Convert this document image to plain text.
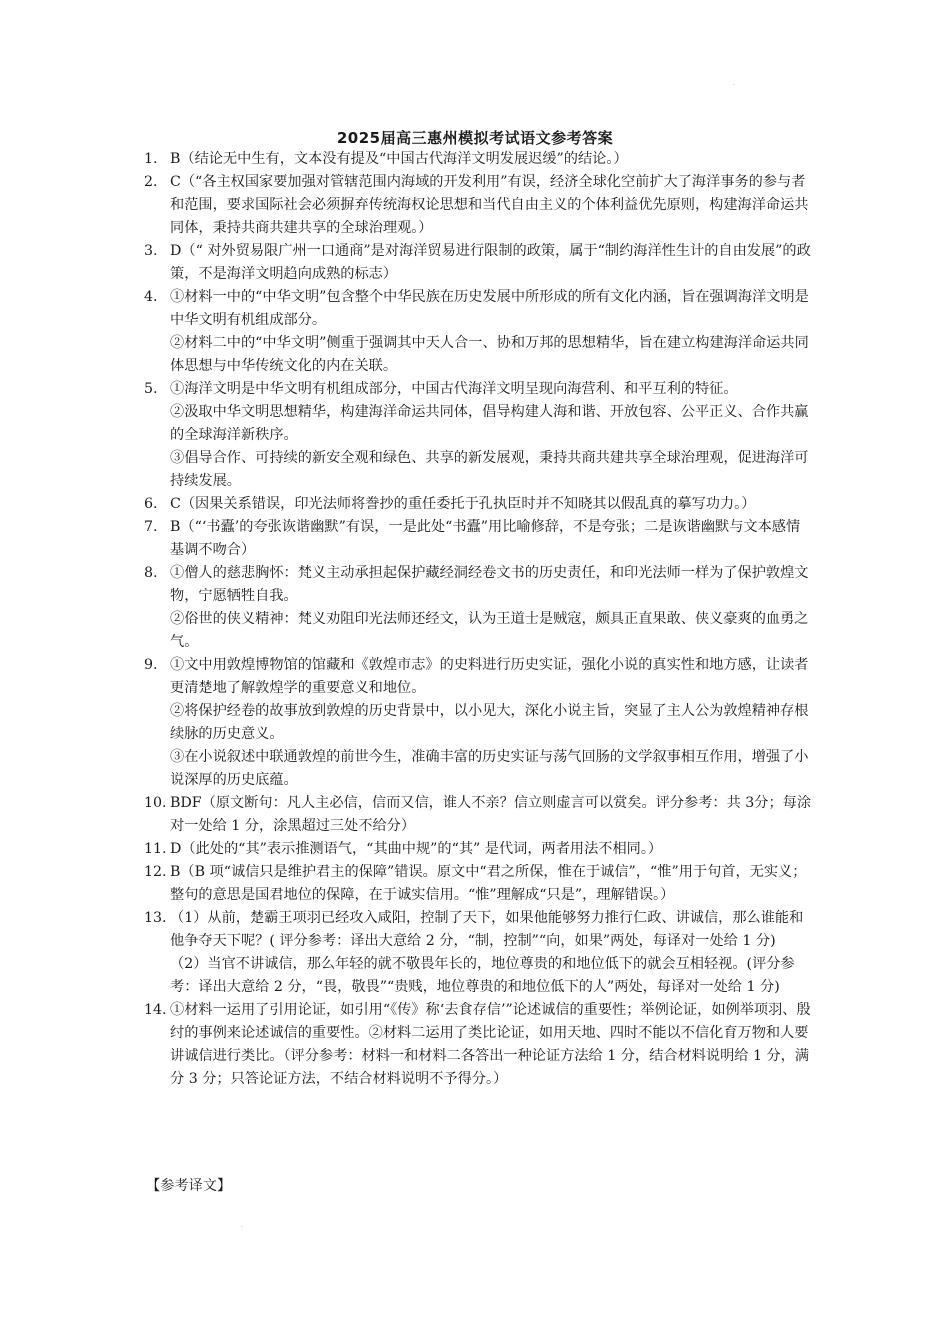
.
2025届高三惠州模拟考试语文参考答案
1. B（结论无中生有，文本没有提及“中国古代海洋文明发展迟缓”的结论。）
2. C（“各主权国家要加强对管辖范围内海域的开发利用”有误，经济全球化空前扩大了海洋事务的参与者和范围，要求国际社会必须摒弃传统海权论思想和当代自由主义的个体利益优先原则，构建海洋命运共同体，秉持共商共建共享的全球治理观。）
3. D（“ 对外贸易限广州一口通商”是对海洋贸易进行限制的政策，属于“制约海洋性生计的自由发展”的政策，不是海洋文明趋向成熟的标志）
4. ①材料一中的“中华文明”包含整个中华民族在历史发展中所形成的所有文化内涵，旨在强调海洋文明是中华文明有机组成部分。
②材料二中的“中华文明”侧重于强调其中天人合一、协和万邦的思想精华，旨在建立构建海洋命运共同体思想与中华传统文化的内在关联。
5. ①海洋文明是中华文明有机组成部分，中国古代海洋文明呈现向海营利、和平互利的特征。
②汲取中华文明思想精华，构建海洋命运共同体，倡导构建人海和谐、开放包容、公平正义、合作共赢的全球海洋新秩序。
③倡导合作、可持续的新安全观和绿色、共享的新发展观，秉持共商共建共享全球治理观，促进海洋可持续发展。
6. C（因果关系错误，印光法师将誊抄的重任委托于孔执臣时并不知晓其以假乱真的摹写功力。）
7. B（“‘书蠹’的夸张诙谐幽默”有误，一是此处“书蠹”用比喻修辞，不是夸张；二是诙谐幽默与文本感情基调不吻合）
8. ①僧人的慈悲胸怀：梵义主动承担起保护藏经洞经卷文书的历史责任，和印光法师一样为了保护敦煌文物，宁愿牺牲自我。
②俗世的侠义精神：梵义劝阻印光法师还经文，认为王道士是贼寇，颇具正直果敢、侠义豪爽的血勇之气。
9. ①文中用敦煌博物馆的馆藏和《敦煌市志》的史料进行历史实证，强化小说的真实性和地方感，让读者更清楚地了解敦煌学的重要意义和地位。
②将保护经卷的故事放到敦煌的历史背景中，以小见大，深化小说主旨，突显了主人公为敦煌精神存根续脉的历史意义。
③在小说叙述中联通敦煌的前世今生，准确丰富的历史实证与荡气回肠的文学叙事相互作用，增强了小说深厚的历史底蕴。
10. BDF（原文断句：凡人主必信，信而又信，谁人不亲？信立则虚言可以赏矣。评分参考：共 3分；每涂对一处给 1 分，涂黑超过三处不给分）
11. D（此处的“其”表示推测语气，“其曲中规”的“其” 是代词，两者用法不相同。）
12. B（B 项“诚信只是维护君主的保障”错误。原文中“君之所保，惟在于诚信”，“惟”用于句首，无实义；整句的意思是国君地位的保障，在于诚实信用。“惟”理解成“只是”，理解错误。）
13. （1）从前，楚霸王项羽已经攻入咸阳，控制了天下，如果他能够努力推行仁政、讲诚信，那么谁能和他争夺天下呢？( 评分参考：译出大意给 2 分，“制，控制”“向，如果”两处，每译对一处给 1 分)
（2）当官不讲诚信，那么年轻的就不敬畏年长的，地位尊贵的和地位低下的就会互相轻视。(评分参考：译出大意给 2 分，“畏，敬畏”“贵贱，地位尊贵的和地位低下的人”两处，每译对一处给 1 分)
14. ①材料一运用了引用论证，如引用“《传》称‘去食存信’”论述诚信的重要性；举例论证，如例举项羽、殷纣的事例来论述诚信的重要性。②材料二运用了类比论证，如用天地、四时不能以不信化育万物和人要讲诚信进行类比。（评分参考：材料一和材料二各答出一种论证方法给 1 分，结合材料说明给 1 分，满分 3 分；只答论证方法，不结合材料说明不予得分。）
【参考译文】
.
